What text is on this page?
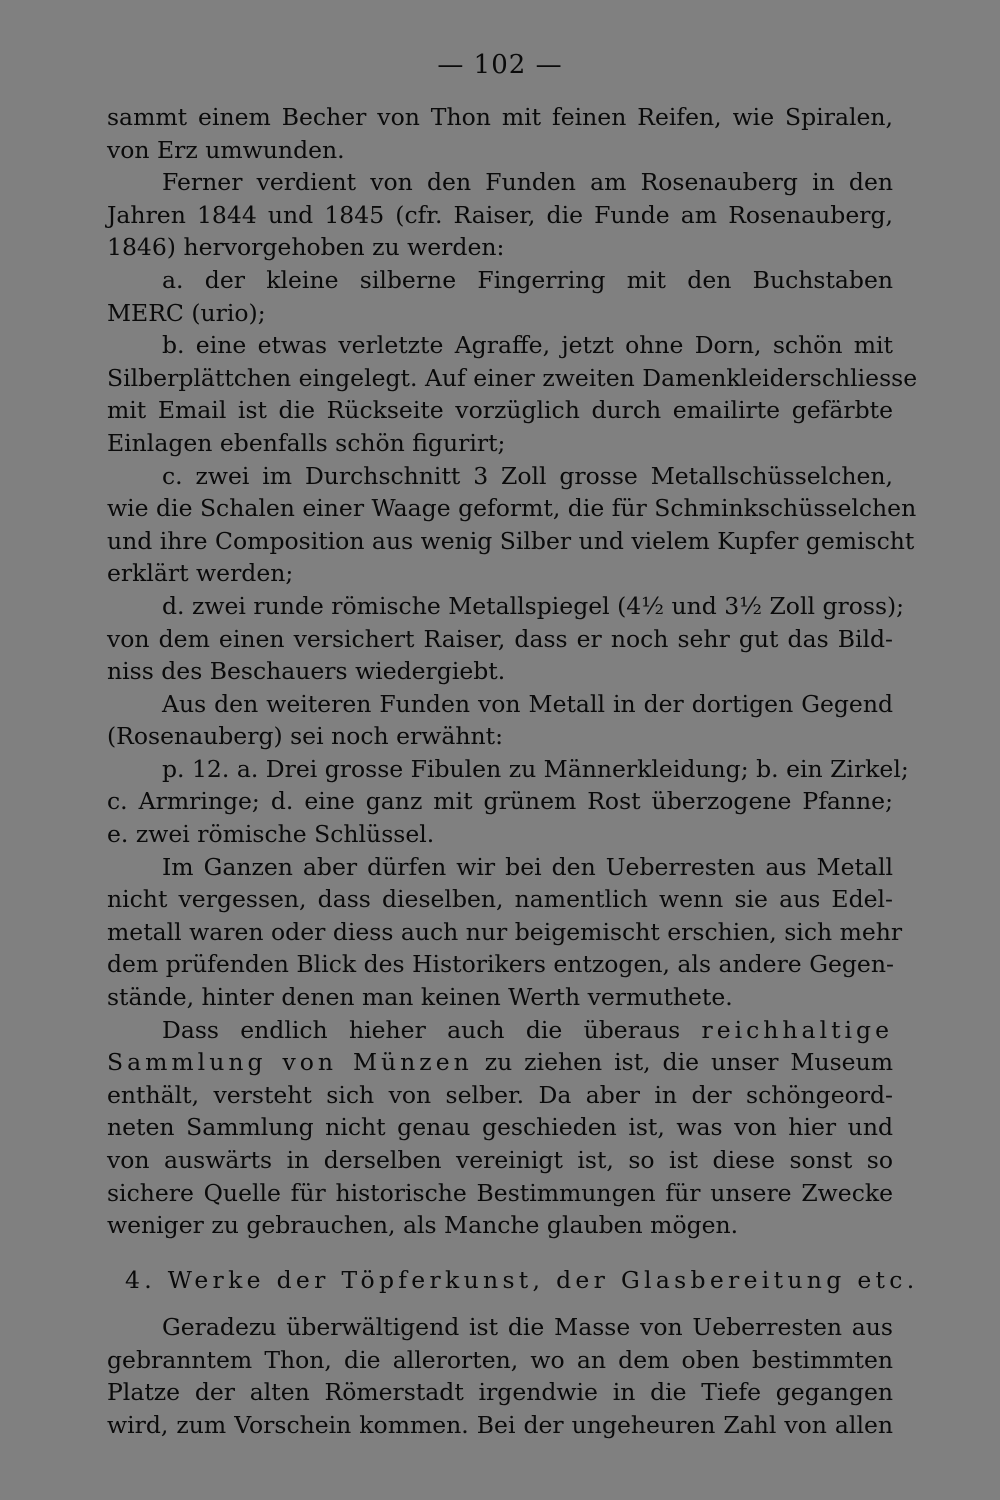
— 102 —
sammt einem Becher von Thon mit feinen Reifen, wie Spiralen,
von Erz umwunden.
Ferner verdient von den Funden am Rosenauberg in den
Jahren 1844 und 1845 (cfr. Raiser, die Funde am Rosenauberg,
1846) hervorgehoben zu werden:
a. der kleine silberne Fingerring mit den Buchstaben
MERC (urio);
b. eine etwas verletzte Agraffe, jetzt ohne Dorn, schön mit
Silberplättchen eingelegt. Auf einer zweiten Damenkleiderschliesse
mit Email ist die Rückseite vorzüglich durch emailirte gefärbte
Einlagen ebenfalls schön figurirt;
c. zwei im Durchschnitt 3 Zoll grosse Metallschüsselchen,
wie die Schalen einer Waage geformt, die für Schminkschüsselchen
und ihre Composition aus wenig Silber und vielem Kupfer gemischt
erklärt werden;
d. zwei runde römische Metallspiegel (4½ und 3½ Zoll gross);
von dem einen versichert Raiser, dass er noch sehr gut das Bild-
niss des Beschauers wiedergiebt.
Aus den weiteren Funden von Metall in der dortigen Gegend
(Rosenauberg) sei noch erwähnt:
p. 12. a. Drei grosse Fibulen zu Männerkleidung; b. ein Zirkel;
c. Armringe; d. eine ganz mit grünem Rost überzogene Pfanne;
e. zwei römische Schlüssel.
Im Ganzen aber dürfen wir bei den Ueberresten aus Metall
nicht vergessen, dass dieselben, namentlich wenn sie aus Edel-
metall waren oder diess auch nur beigemischt erschien, sich mehr
dem prüfenden Blick des Historikers entzogen, als andere Gegen-
stände, hinter denen man keinen Werth vermuthete.
Dass endlich hieher auch die überaus reichhaltige
Sammlung von Münzen zu ziehen ist, die unser Museum
enthält, versteht sich von selber. Da aber in der schöngeord-
neten Sammlung nicht genau geschieden ist, was von hier und
von auswärts in derselben vereinigt ist, so ist diese sonst so
sichere Quelle für historische Bestimmungen für unsere Zwecke
weniger zu gebrauchen, als Manche glauben mögen.
4. Werke der Töpferkunst, der Glasbereitung etc.
Geradezu überwältigend ist die Masse von Ueberresten aus
gebranntem Thon, die allerorten, wo an dem oben bestimmten
Platze der alten Römerstadt irgendwie in die Tiefe gegangen
wird, zum Vorschein kommen. Bei der ungeheuren Zahl von allen
